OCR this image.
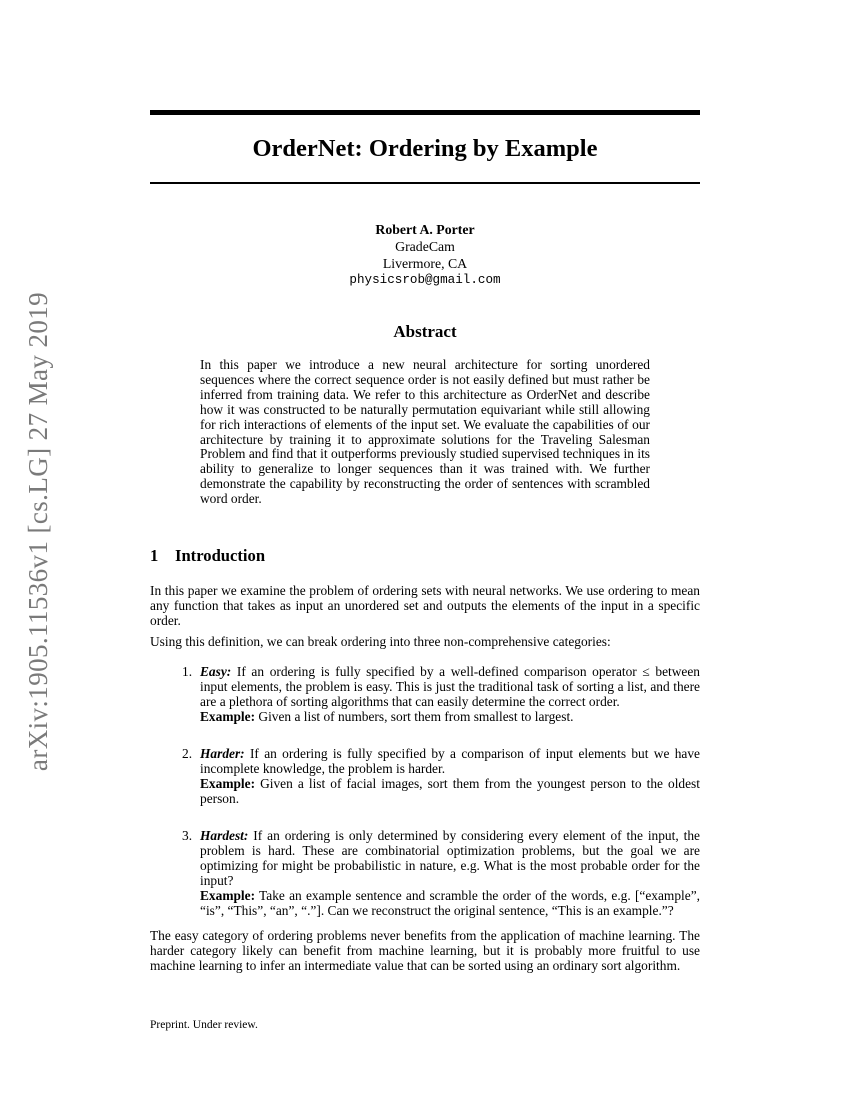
arXiv:1905.11536v1 [cs.LG] 27 May 2019
OrderNet: Ordering by Example
Robert A. Porter
GradeCam
Livermore, CA
physicsrob@gmail.com
Abstract

In this paper we introduce a new neural architecture for sorting unordered sequences where the correct sequence order is not easily defined but must rather be inferred from training data. We refer to this architecture as OrderNet and describe how it was constructed to be naturally permutation equivariant while still allowing for rich interactions of elements of the input set. We evaluate the capabilities of our architecture by training it to approximate solutions for the Traveling Salesman Problem and find that it outperforms previously studied supervised techniques in its ability to generalize to longer sequences than it was trained with. We further demonstrate the capability by reconstructing the order of sentences with scrambled word order.

1 Introduction

In this paper we examine the problem of ordering sets with neural networks. We use ordering to mean any function that takes as input an unordered set and outputs the elements of the input in a specific order.

Using this definition, we can break ordering into three non-comprehensive categories:

1. Easy: If an ordering is fully specified by a well-defined comparison operator ≤ between input elements, the problem is easy. This is just the traditional task of sorting a list, and there are a plethora of sorting algorithms that can easily determine the correct order.
Example: Given a list of numbers, sort them from smallest to largest.
2. Harder: If an ordering is fully specified by a comparison of input elements but we have incomplete knowledge, the problem is harder.
Example: Given a list of facial images, sort them from the youngest person to the oldest person.
3. Hardest: If an ordering is only determined by considering every element of the input, the problem is hard. These are combinatorial optimization problems, but the goal we are optimizing for might be probabilistic in nature, e.g. What is the most probable order for the input?
Example: Take an example sentence and scramble the order of the words, e.g. [“example”, “is”, “This”, “an”, “.”]. Can we reconstruct the original sentence, “This is an example.”?

The easy category of ordering problems never benefits from the application of machine learning. The harder category likely can benefit from machine learning, but it is probably more fruitful to use machine learning to infer an intermediate value that can be sorted using an ordinary sort algorithm.

Preprint. Under review.
